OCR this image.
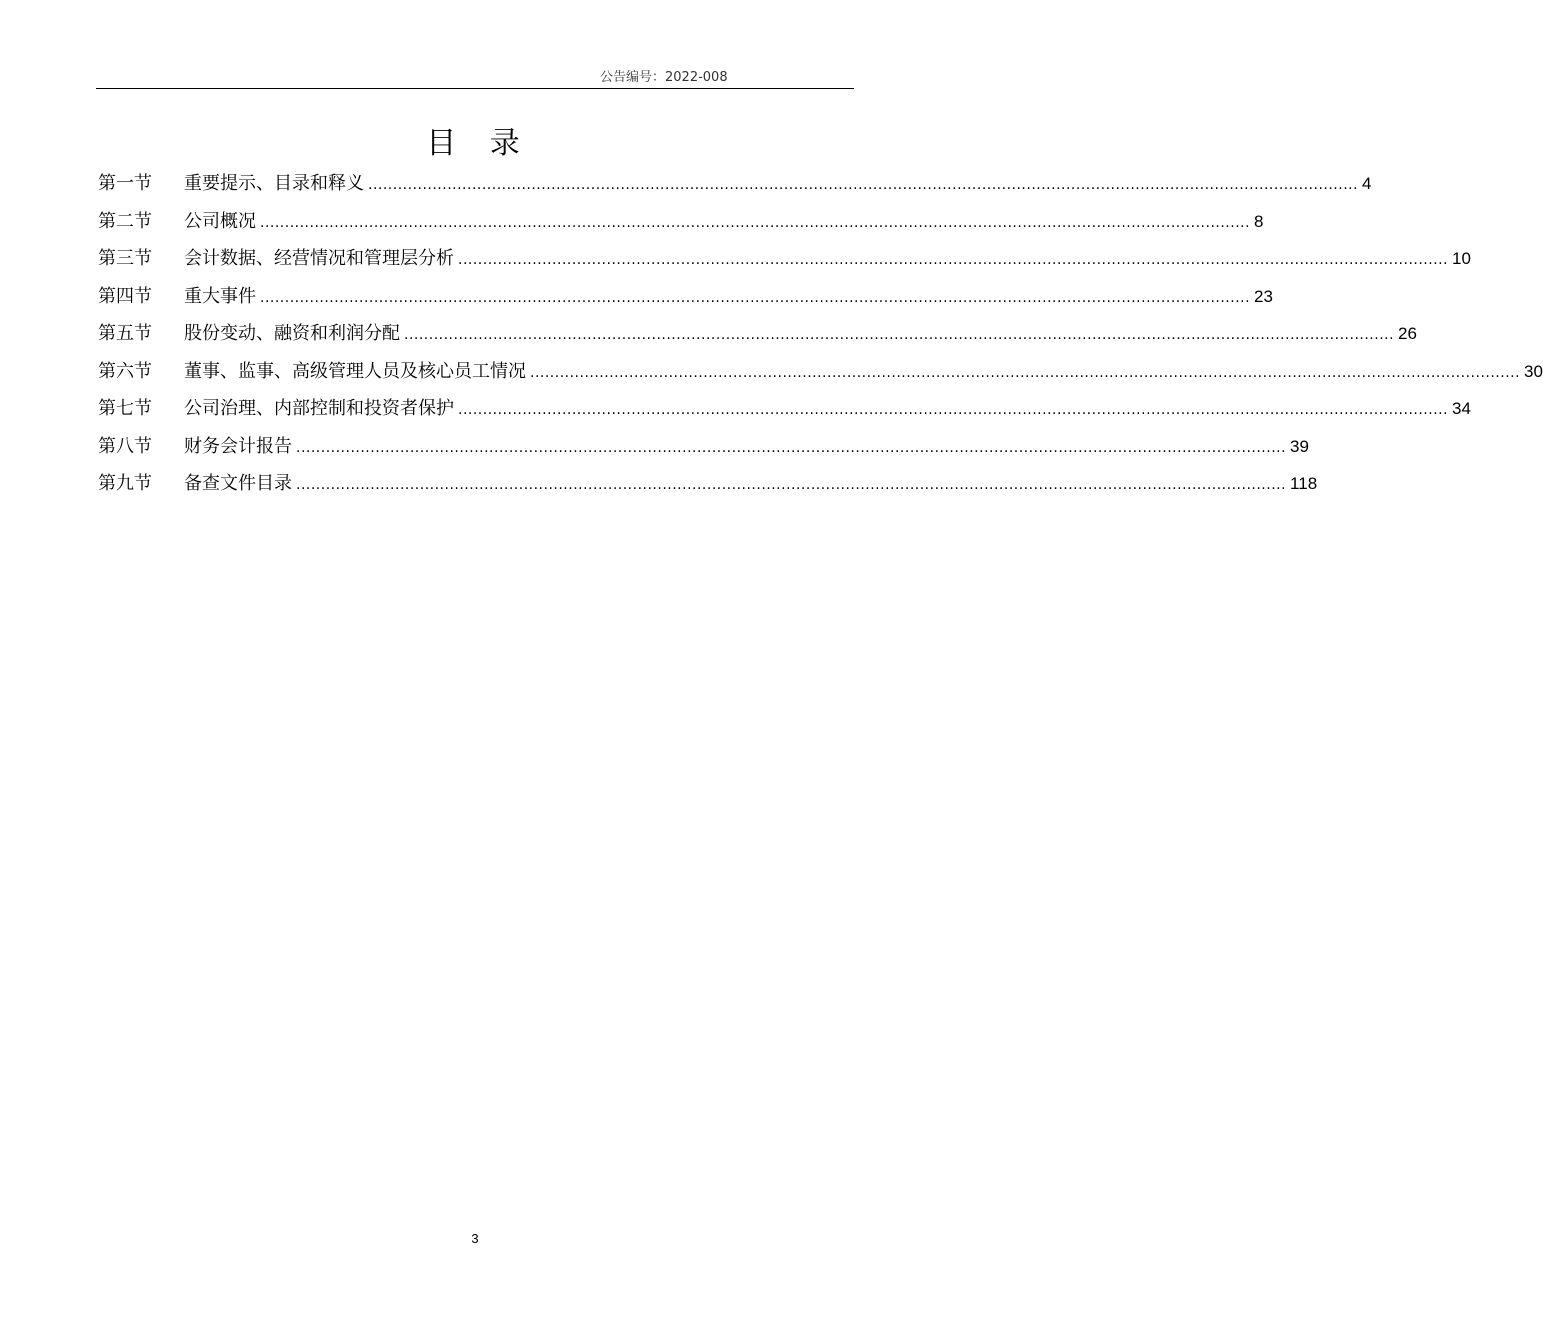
公告编号：2022-008
目 录
第一节	重要提示、目录和释义 ........................................................................................................................................................................................................ 4
第二节	公司概况 ........................................................................................................................................................................................................ 8
第三节	会计数据、经营情况和管理层分析 ........................................................................................................................................................................................................ 10
第四节	重大事件 ........................................................................................................................................................................................................ 23
第五节	股份变动、融资和利润分配 ........................................................................................................................................................................................................ 26
第六节	董事、监事、高级管理人员及核心员工情况 ........................................................................................................................................................................................................ 30
第七节	公司治理、内部控制和投资者保护 ........................................................................................................................................................................................................ 34
第八节	财务会计报告 ........................................................................................................................................................................................................ 39
第九节	备查文件目录 ........................................................................................................................................................................................................ 118
3
